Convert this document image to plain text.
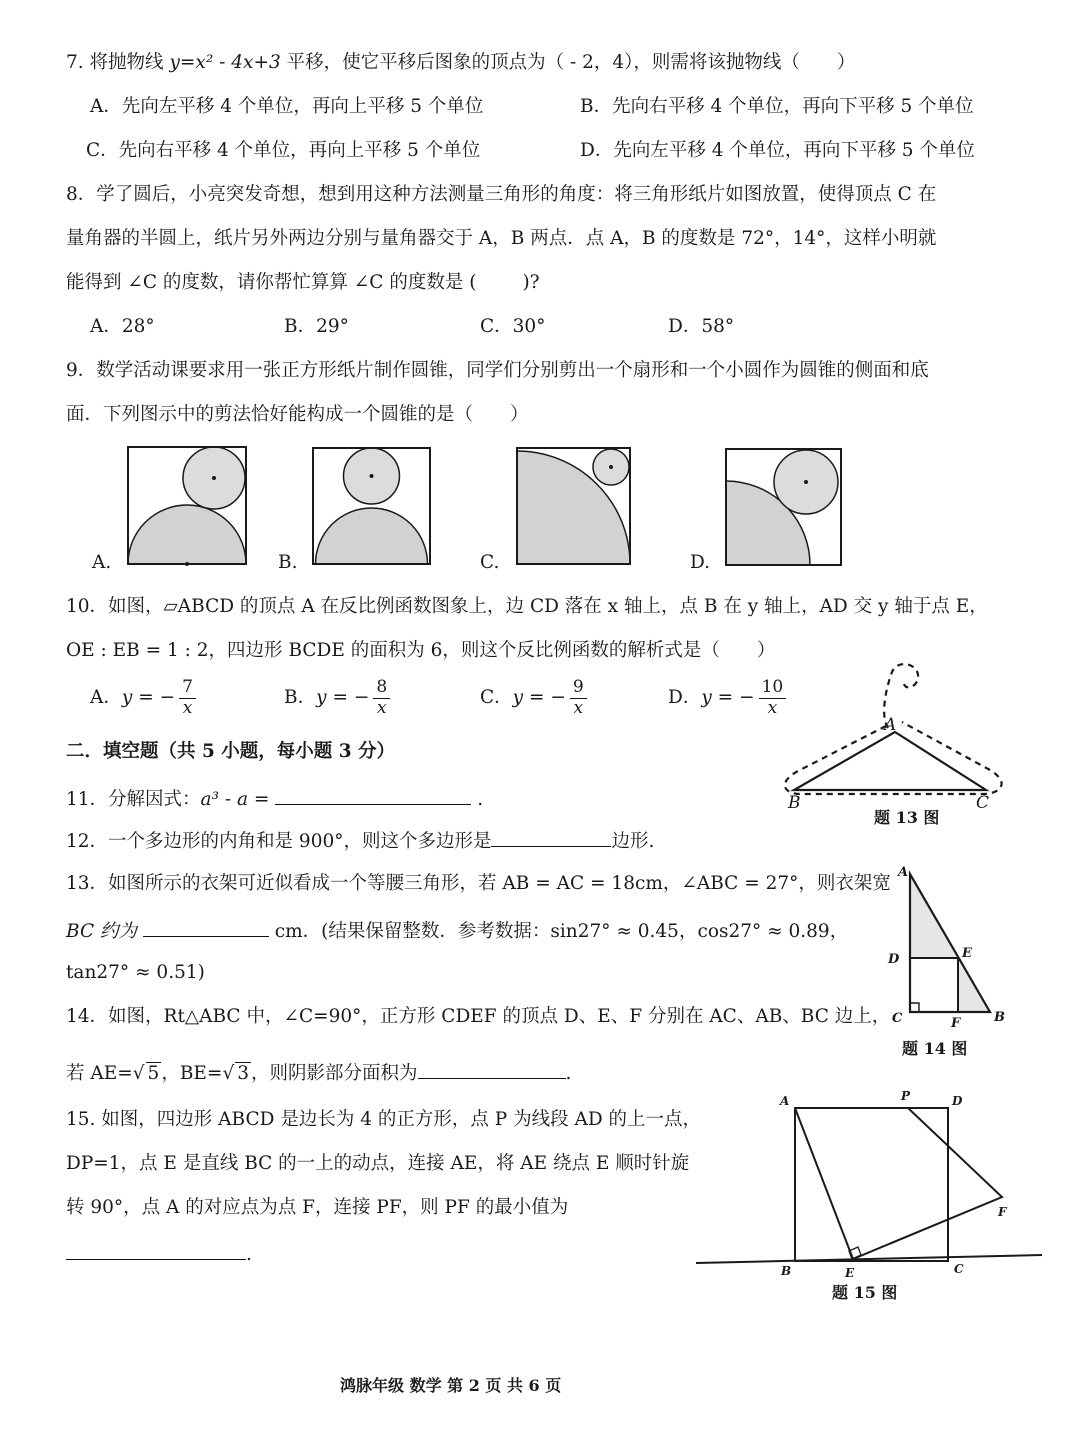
7. 将抛物线 y=x² - 4x+3 平移，使它平移后图象的顶点为（ - 2，4），则需将该抛物线（　　）
A．先向左平移 4 个单位，再向上平移 5 个单位	B．先向右平移 4 个单位，再向下平移 5 个单位
C．先向右平移 4 个单位，再向上平移 5 个单位	D．先向左平移 4 个单位，再向下平移 5 个单位
8．学了圆后，小亮突发奇想，想到用这种方法测量三角形的角度：将三角形纸片如图放置，使得顶点 C 在
量角器的半圆上，纸片另外两边分别与量角器交于 A，B 两点．点 A，B 的度数是 72°，14°，这样小明就
能得到 ∠C 的度数，请你帮忙算算 ∠C 的度数是 ( )?
A．28°	B．29°	C．30°	D．58°
9．数学活动课要求用一张正方形纸片制作圆锥，同学们分别剪出一个扇形和一个小圆作为圆锥的侧面和底
面．下列图示中的剪法恰好能构成一个圆锥的是（　　）
A.	B.	C.	D.
10．如图，▱ABCD 的顶点 A 在反比例函数图象上，边 CD 落在 x 轴上，点 B 在 y 轴上，AD 交 y 轴于点 E，
OE : EB = 1 : 2，四边形 BCDE 的面积为 6，则这个反比例函数的解析式是（　　）
A．y = − $\frac{7}{x}$	B．y = − $\frac{8}{x}$	C．y = − $\frac{9}{x}$	D．y = − $\frac{10}{x}$
二．填空题（共 5 小题，每小题 3 分）
11．分解因式：a³ - a =	.
12．一个多边形的内角和是 900°，则这个多边形是	边形.
13．如图所示的衣架可近似看成一个等腰三角形，若 AB = AC = 18cm，∠ABC = 27°，则衣架宽
BC 约为	cm．(结果保留整数．参考数据：sin27° ≈ 0.45，cos27° ≈ 0.89，
tan27° ≈ 0.51)
A
B	C
题 13 图
14．如图，Rt△ABC 中，∠C=90°，正方形 CDEF 的顶点 D、E、F 分别在 AC、AB、BC 边上，
若 AE=√ 5 ，BE=√ 3 ，则阴影部分面积为	.
A
D	E
C	F	B
题 14 图
15. 如图，四边形 ABCD 是边长为 4 的正方形，点 P 为线段 AD 的上一点，
DP=1，点 E 是直线 BC 的一上的动点，连接 AE，将 AE 绕点 E 顺时针旋
转 90°，点 A 的对应点为点 F，连接 PF，则 PF 的最小值为
.
A	P	D
F
B	E	C
题 15 图
鸿脉年级 数学 第 2 页 共 6 页
